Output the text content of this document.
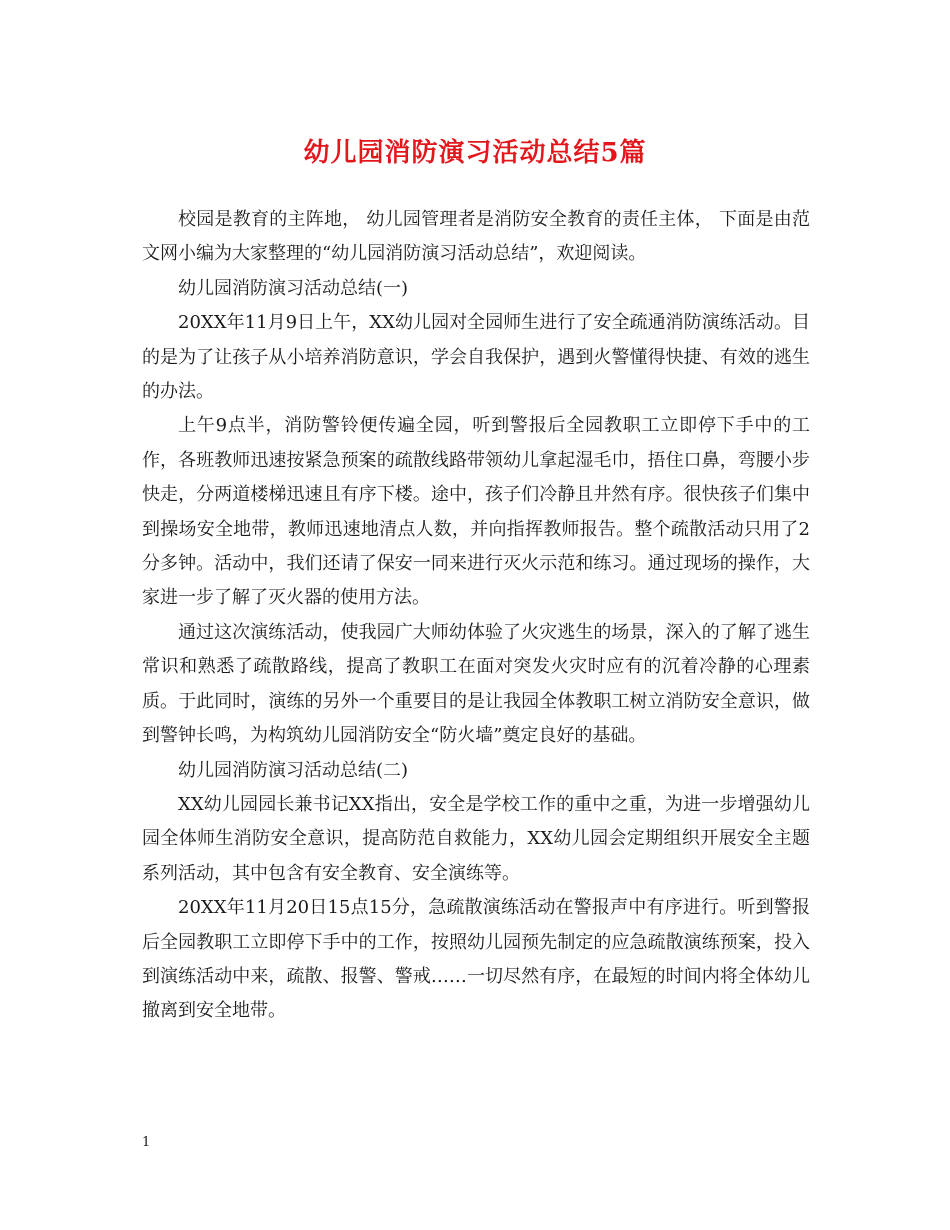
幼儿园消防演习活动总结5篇

校园是教育的主阵地， 幼儿园管理者是消防安全教育的责任主体， 下面是由范文网小编为大家整理的“幼儿园消防演习活动总结”，欢迎阅读。

幼儿园消防演习活动总结(一)

20XX年11月9日上午，XX幼儿园对全园师生进行了安全疏通消防演练活动。目的是为了让孩子从小培养消防意识，学会自我保护，遇到火警懂得快捷、有效的逃生的办法。

上午9点半，消防警铃便传遍全园，听到警报后全园教职工立即停下手中的工作，各班教师迅速按紧急预案的疏散线路带领幼儿拿起湿毛巾，捂住口鼻，弯腰小步快走，分两道楼梯迅速且有序下楼。途中，孩子们冷静且井然有序。很快孩子们集中到操场安全地带，教师迅速地清点人数，并向指挥教师报告。整个疏散活动只用了2分多钟。活动中，我们还请了保安一同来进行灭火示范和练习。通过现场的操作，大家进一步了解了灭火器的使用方法。

通过这次演练活动，使我园广大师幼体验了火灾逃生的场景，深入的了解了逃生常识和熟悉了疏散路线，提高了教职工在面对突发火灾时应有的沉着冷静的心理素质。于此同时，演练的另外一个重要目的是让我园全体教职工树立消防安全意识，做到警钟长鸣，为构筑幼儿园消防安全“防火墙”奠定良好的基础。

幼儿园消防演习活动总结(二)

XX幼儿园园长兼书记XX指出，安全是学校工作的重中之重，为进一步增强幼儿园全体师生消防安全意识，提高防范自救能力，XX幼儿园会定期组织开展安全主题系列活动，其中包含有安全教育、安全演练等。

20XX年11月20日15点15分，急疏散演练活动在警报声中有序进行。听到警报后全园教职工立即停下手中的工作，按照幼儿园预先制定的应急疏散演练预案，投入到演练活动中来，疏散、报警、警戒……一切尽然有序，在最短的时间内将全体幼儿撤离到安全地带。

1
